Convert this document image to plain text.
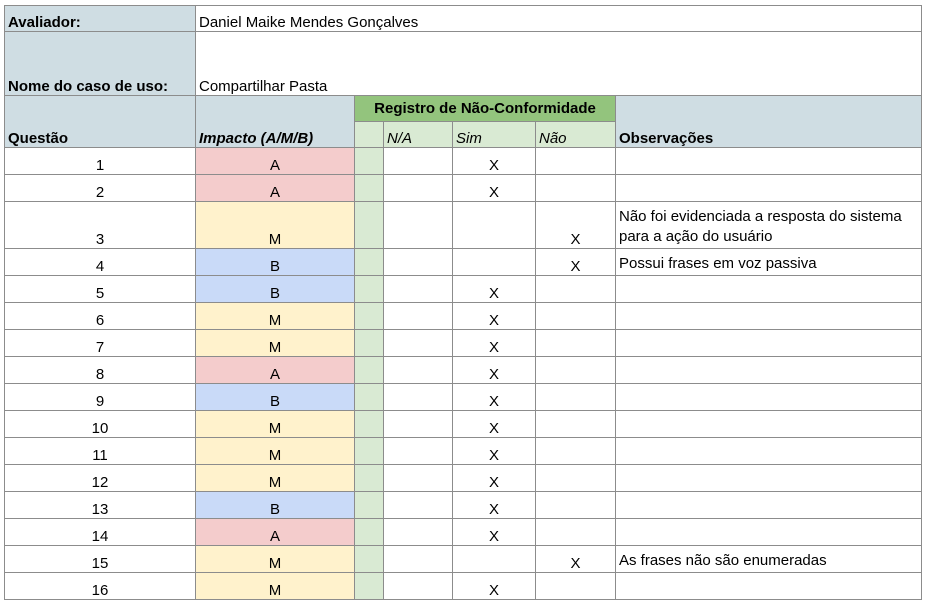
Avaliador:	Daniel Maike Mendes Gonçalves					
Nome do caso de uso:	Compartilhar Pasta					
Questão	Impacto (A/M/B)	Registro de Não-Conformidade				Observações
			N/A	Sim	Não	
1	A			X		
2	A			X		
3	M				X	Não foi evidenciada a resposta do sistema para a ação do usuário
4	B				X	Possui frases em voz passiva
5	B			X		
6	M			X		
7	M			X		
8	A			X		
9	B			X		
10	M			X		
11	M			X		
12	M			X		
13	B			X		
14	A			X		
15	M				X	As frases não são enumeradas
16	M			X		
